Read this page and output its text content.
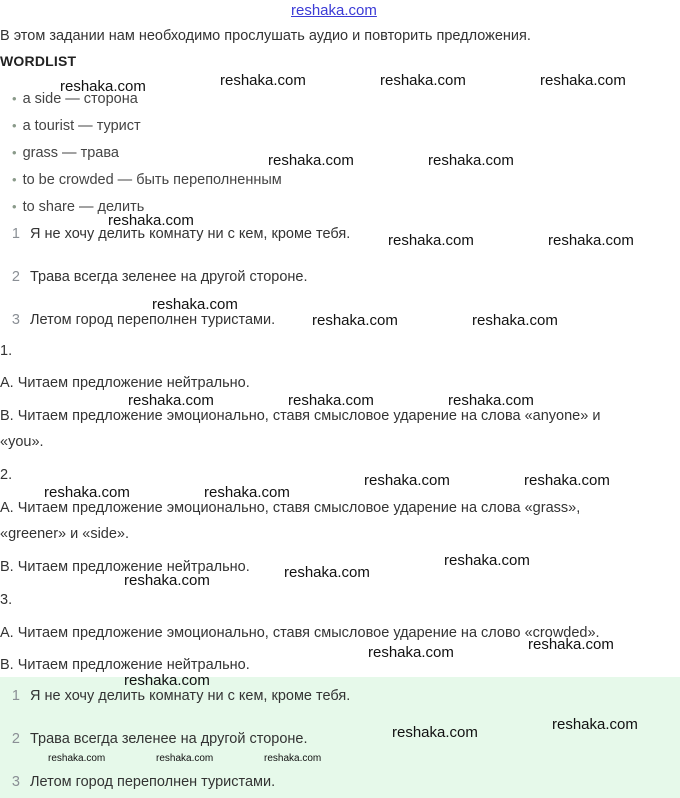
reshaka.com
В этом задании нам необходимо прослушать аудио и повторить предложения.
WORDLIST
• a side — сторона
• a tourist — турист
• grass — трава
• to be crowded — быть переполненным
• to share — делить
1 Я не хочу делить комнату ни с кем, кроме тебя.
2 Трава всегда зеленее на другой стороне.
3 Летом город переполнен туристами.
1.
A. Читаем предложение нейтрально.
B. Читаем предложение эмоционально, ставя смысловое ударение на слова «anyone» и
«you».
2.
A. Читаем предложение эмоционально, ставя смысловое ударение на слова «grass»,
«greener» и «side».
B. Читаем предложение нейтрально.
3.
A. Читаем предложение эмоционально, ставя смысловое ударение на слово «crowded».
B. Читаем предложение нейтрально.
1 Я не хочу делить комнату ни с кем, кроме тебя.
2 Трава всегда зеленее на другой стороне.
3 Летом город переполнен туристами.
reshaka.com	reshaka.com	reshaka.com	reshaka.com
reshaka.com	reshaka.com
reshaka.com
reshaka.com	reshaka.com
reshaka.com
reshaka.com	reshaka.com
reshaka.com	reshaka.com	reshaka.com
reshaka.com	reshaka.com
reshaka.com	reshaka.com
reshaka.com
reshaka.com
reshaka.com
reshaka.com
reshaka.com
reshaka.com
reshaka.com
reshaka.com
reshaka.com	reshaka.com	reshaka.com
